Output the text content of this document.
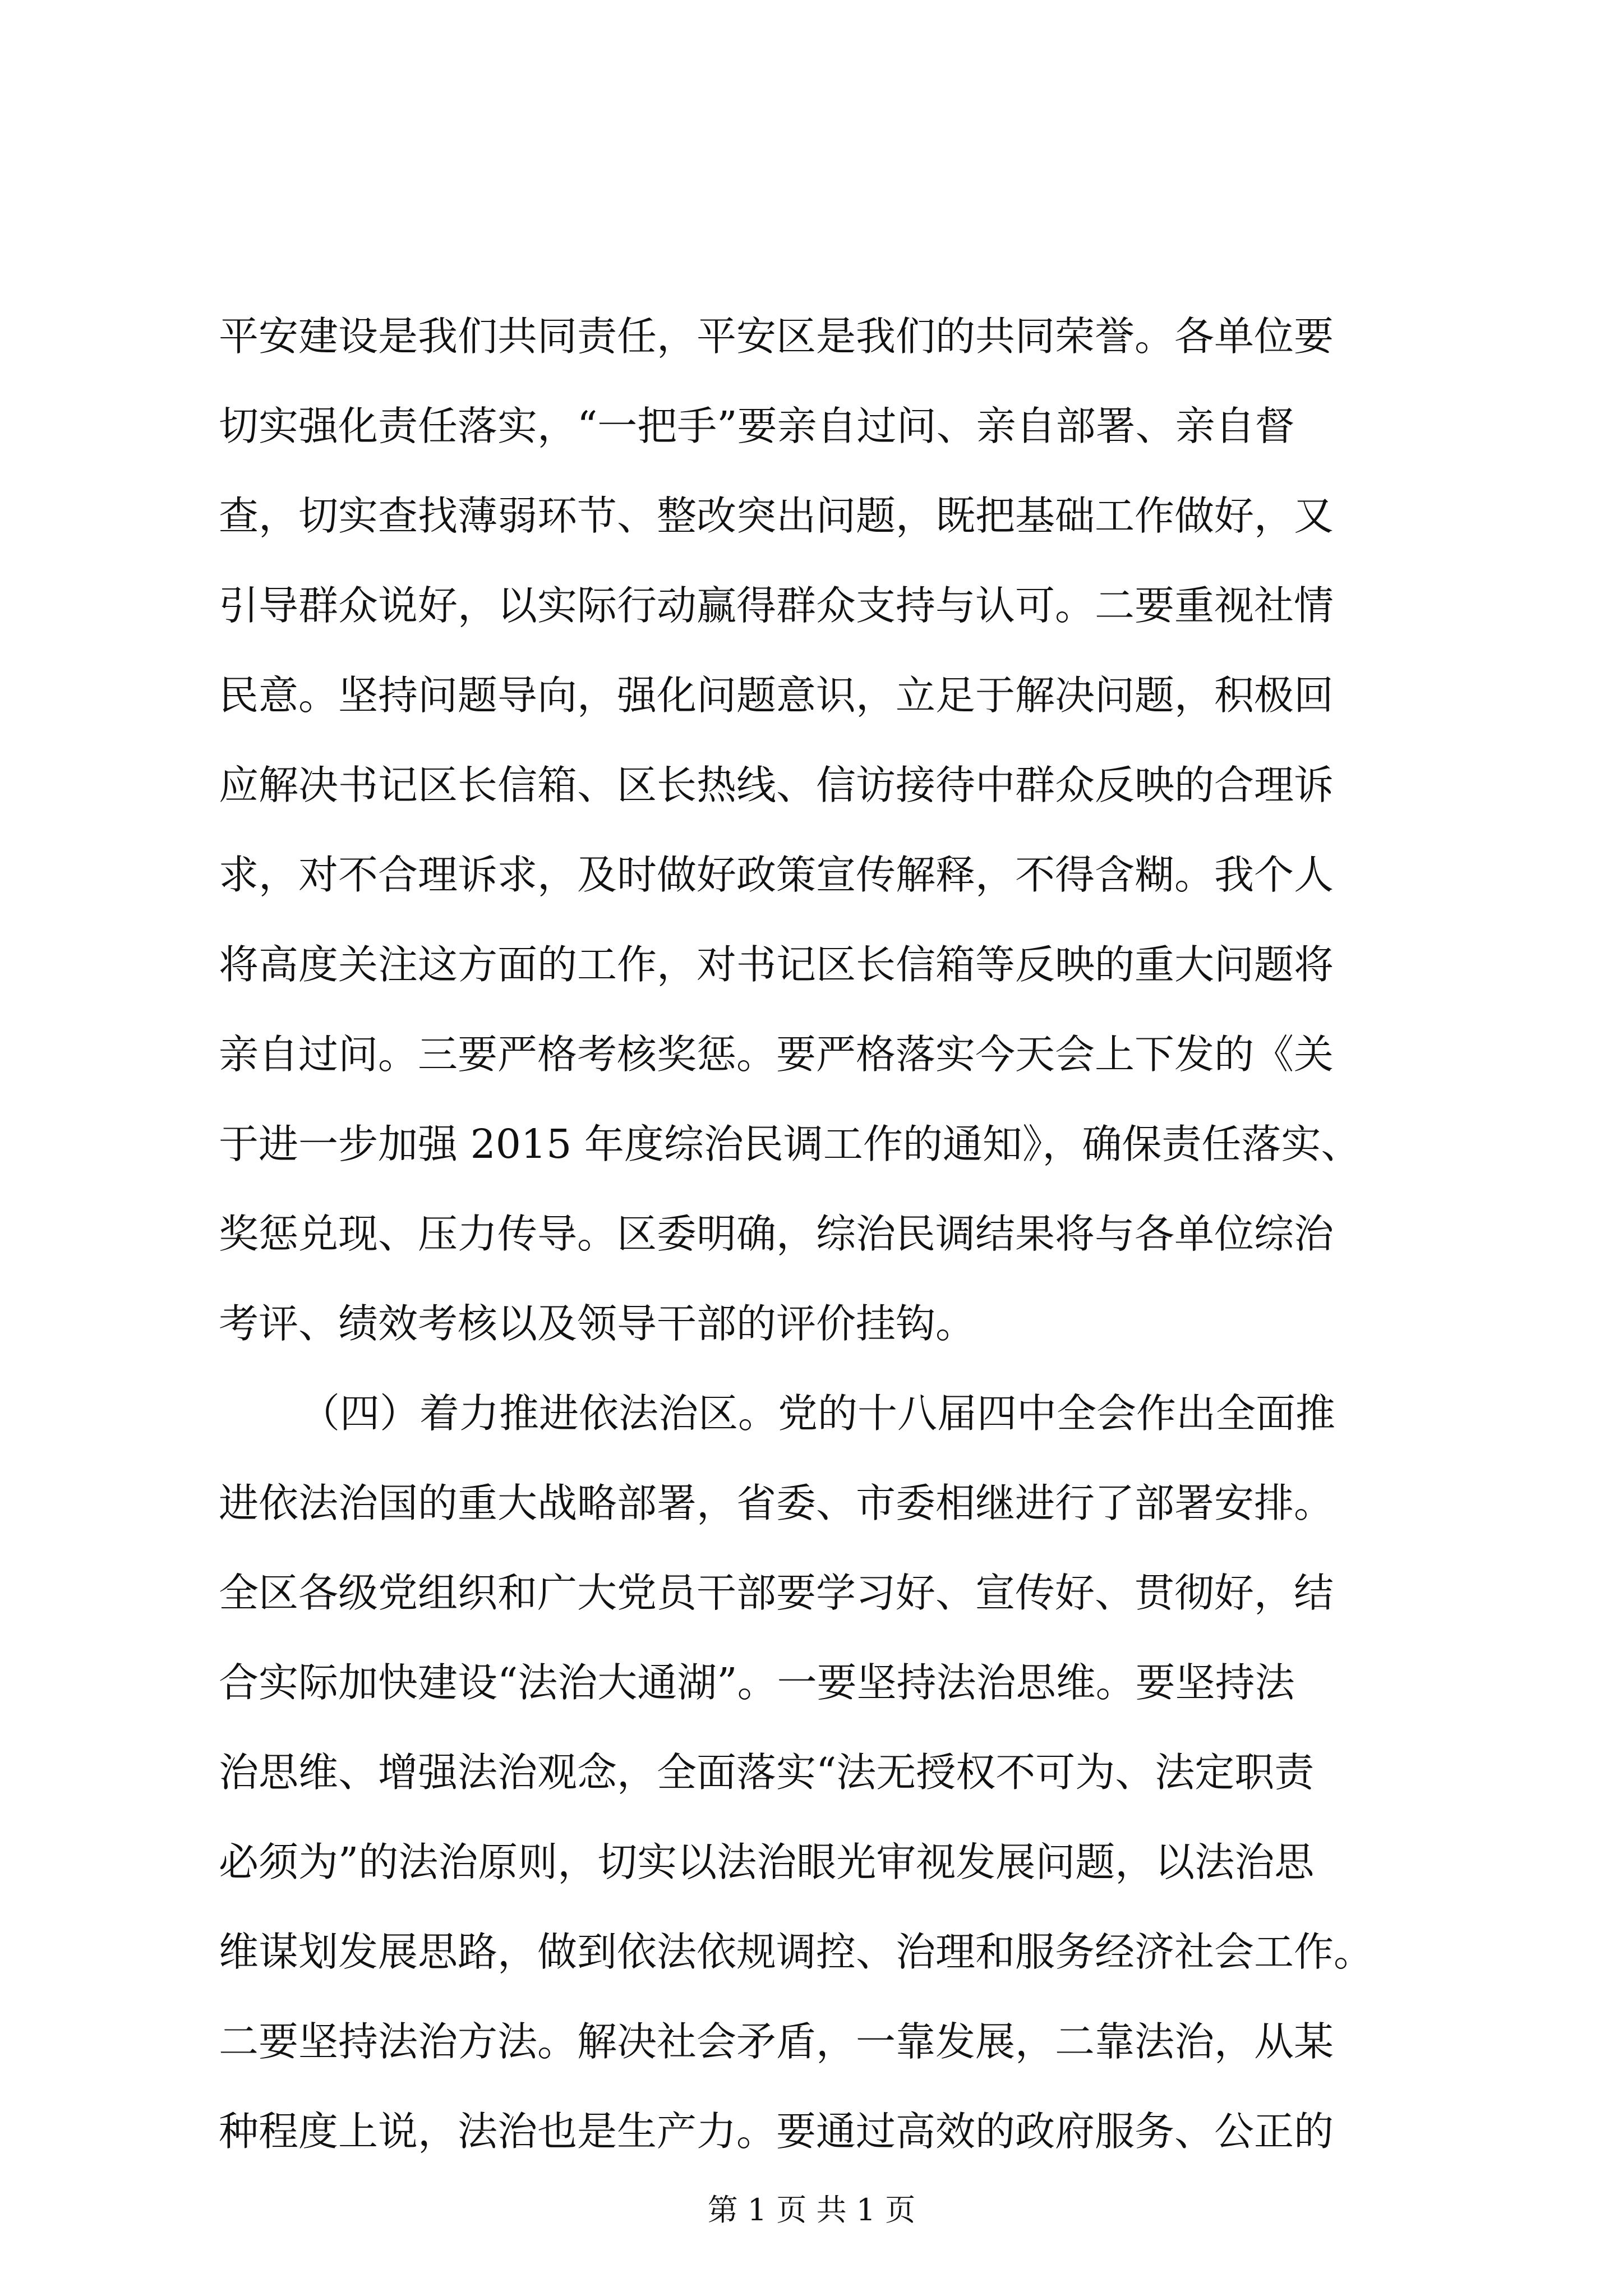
平安建设是我们共同责任，平安区是我们的共同荣誉。各单位要
切实强化责任落实，“一把手”要亲自过问、亲自部署、亲自督
查，切实查找薄弱环节、整改突出问题，既把基础工作做好，又
引导群众说好，以实际行动赢得群众支持与认可。二要重视社情
民意。坚持问题导向，强化问题意识，立足于解决问题，积极回
应解决书记区长信箱、区长热线、信访接待中群众反映的合理诉
求，对不合理诉求，及时做好政策宣传解释，不得含糊。我个人
将高度关注这方面的工作，对书记区长信箱等反映的重大问题将
亲自过问。三要严格考核奖惩。要严格落实今天会上下发的《关
于进一步加强 2015 年度综治民调工作的通知》，确保责任落实、
奖惩兑现、压力传导。区委明确，综治民调结果将与各单位综治
考评、绩效考核以及领导干部的评价挂钩。
（四）着力推进依法治区。党的十八届四中全会作出全面推
进依法治国的重大战略部署，省委、市委相继进行了部署安排。
全区各级党组织和广大党员干部要学习好、宣传好、贯彻好，结
合实际加快建设“法治大通湖”。一要坚持法治思维。要坚持法
治思维、增强法治观念，全面落实“法无授权不可为、法定职责
必须为”的法治原则，切实以法治眼光审视发展问题，以法治思
维谋划发展思路，做到依法依规调控、治理和服务经济社会工作。
二要坚持法治方法。解决社会矛盾，一靠发展，二靠法治，从某
种程度上说，法治也是生产力。要通过高效的政府服务、公正的
第 1 页 共 1 页
